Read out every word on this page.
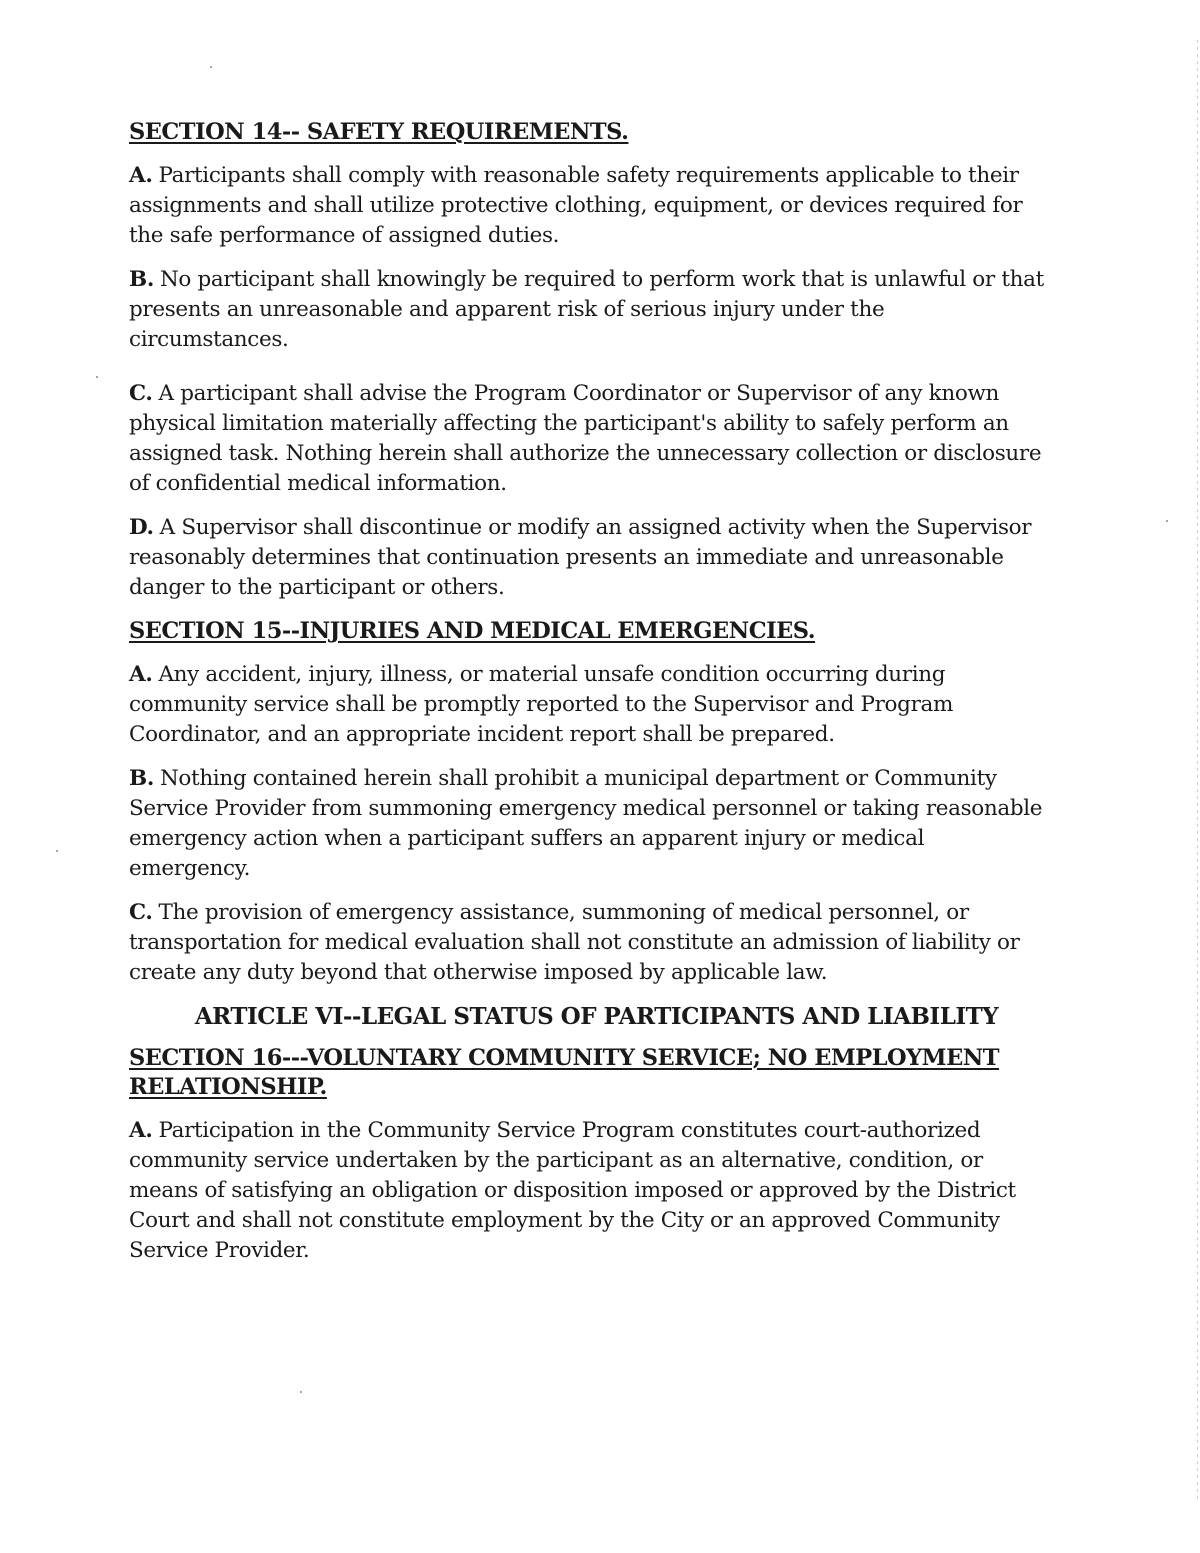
SECTION 14-- SAFETY REQUIREMENTS.

A. Participants shall comply with reasonable safety requirements applicable to their assignments and shall utilize protective clothing, equipment, or devices required for the safe performance of assigned duties.

B. No participant shall knowingly be required to perform work that is unlawful or that presents an unreasonable and apparent risk of serious injury under the circumstances.

C. A participant shall advise the Program Coordinator or Supervisor of any known physical limitation materially affecting the participant's ability to safely perform an assigned task. Nothing herein shall authorize the unnecessary collection or disclosure of confidential medical information.

D. A Supervisor shall discontinue or modify an assigned activity when the Supervisor reasonably determines that continuation presents an immediate and unreasonable danger to the participant or others.

SECTION 15--INJURIES AND MEDICAL EMERGENCIES.

A. Any accident, injury, illness, or material unsafe condition occurring during community service shall be promptly reported to the Supervisor and Program Coordinator, and an appropriate incident report shall be prepared.

B. Nothing contained herein shall prohibit a municipal department or Community Service Provider from summoning emergency medical personnel or taking reasonable emergency action when a participant suffers an apparent injury or medical emergency.

C. The provision of emergency assistance, summoning of medical personnel, or transportation for medical evaluation shall not constitute an admission of liability or create any duty beyond that otherwise imposed by applicable law.

ARTICLE VI--LEGAL STATUS OF PARTICIPANTS AND LIABILITY
SECTION 16---VOLUNTARY COMMUNITY SERVICE; NO EMPLOYMENT RELATIONSHIP.

A. Participation in the Community Service Program constitutes court-authorized community service undertaken by the participant as an alternative, condition, or means of satisfying an obligation or disposition imposed or approved by the District Court and shall not constitute employment by the City or an approved Community Service Provider.
